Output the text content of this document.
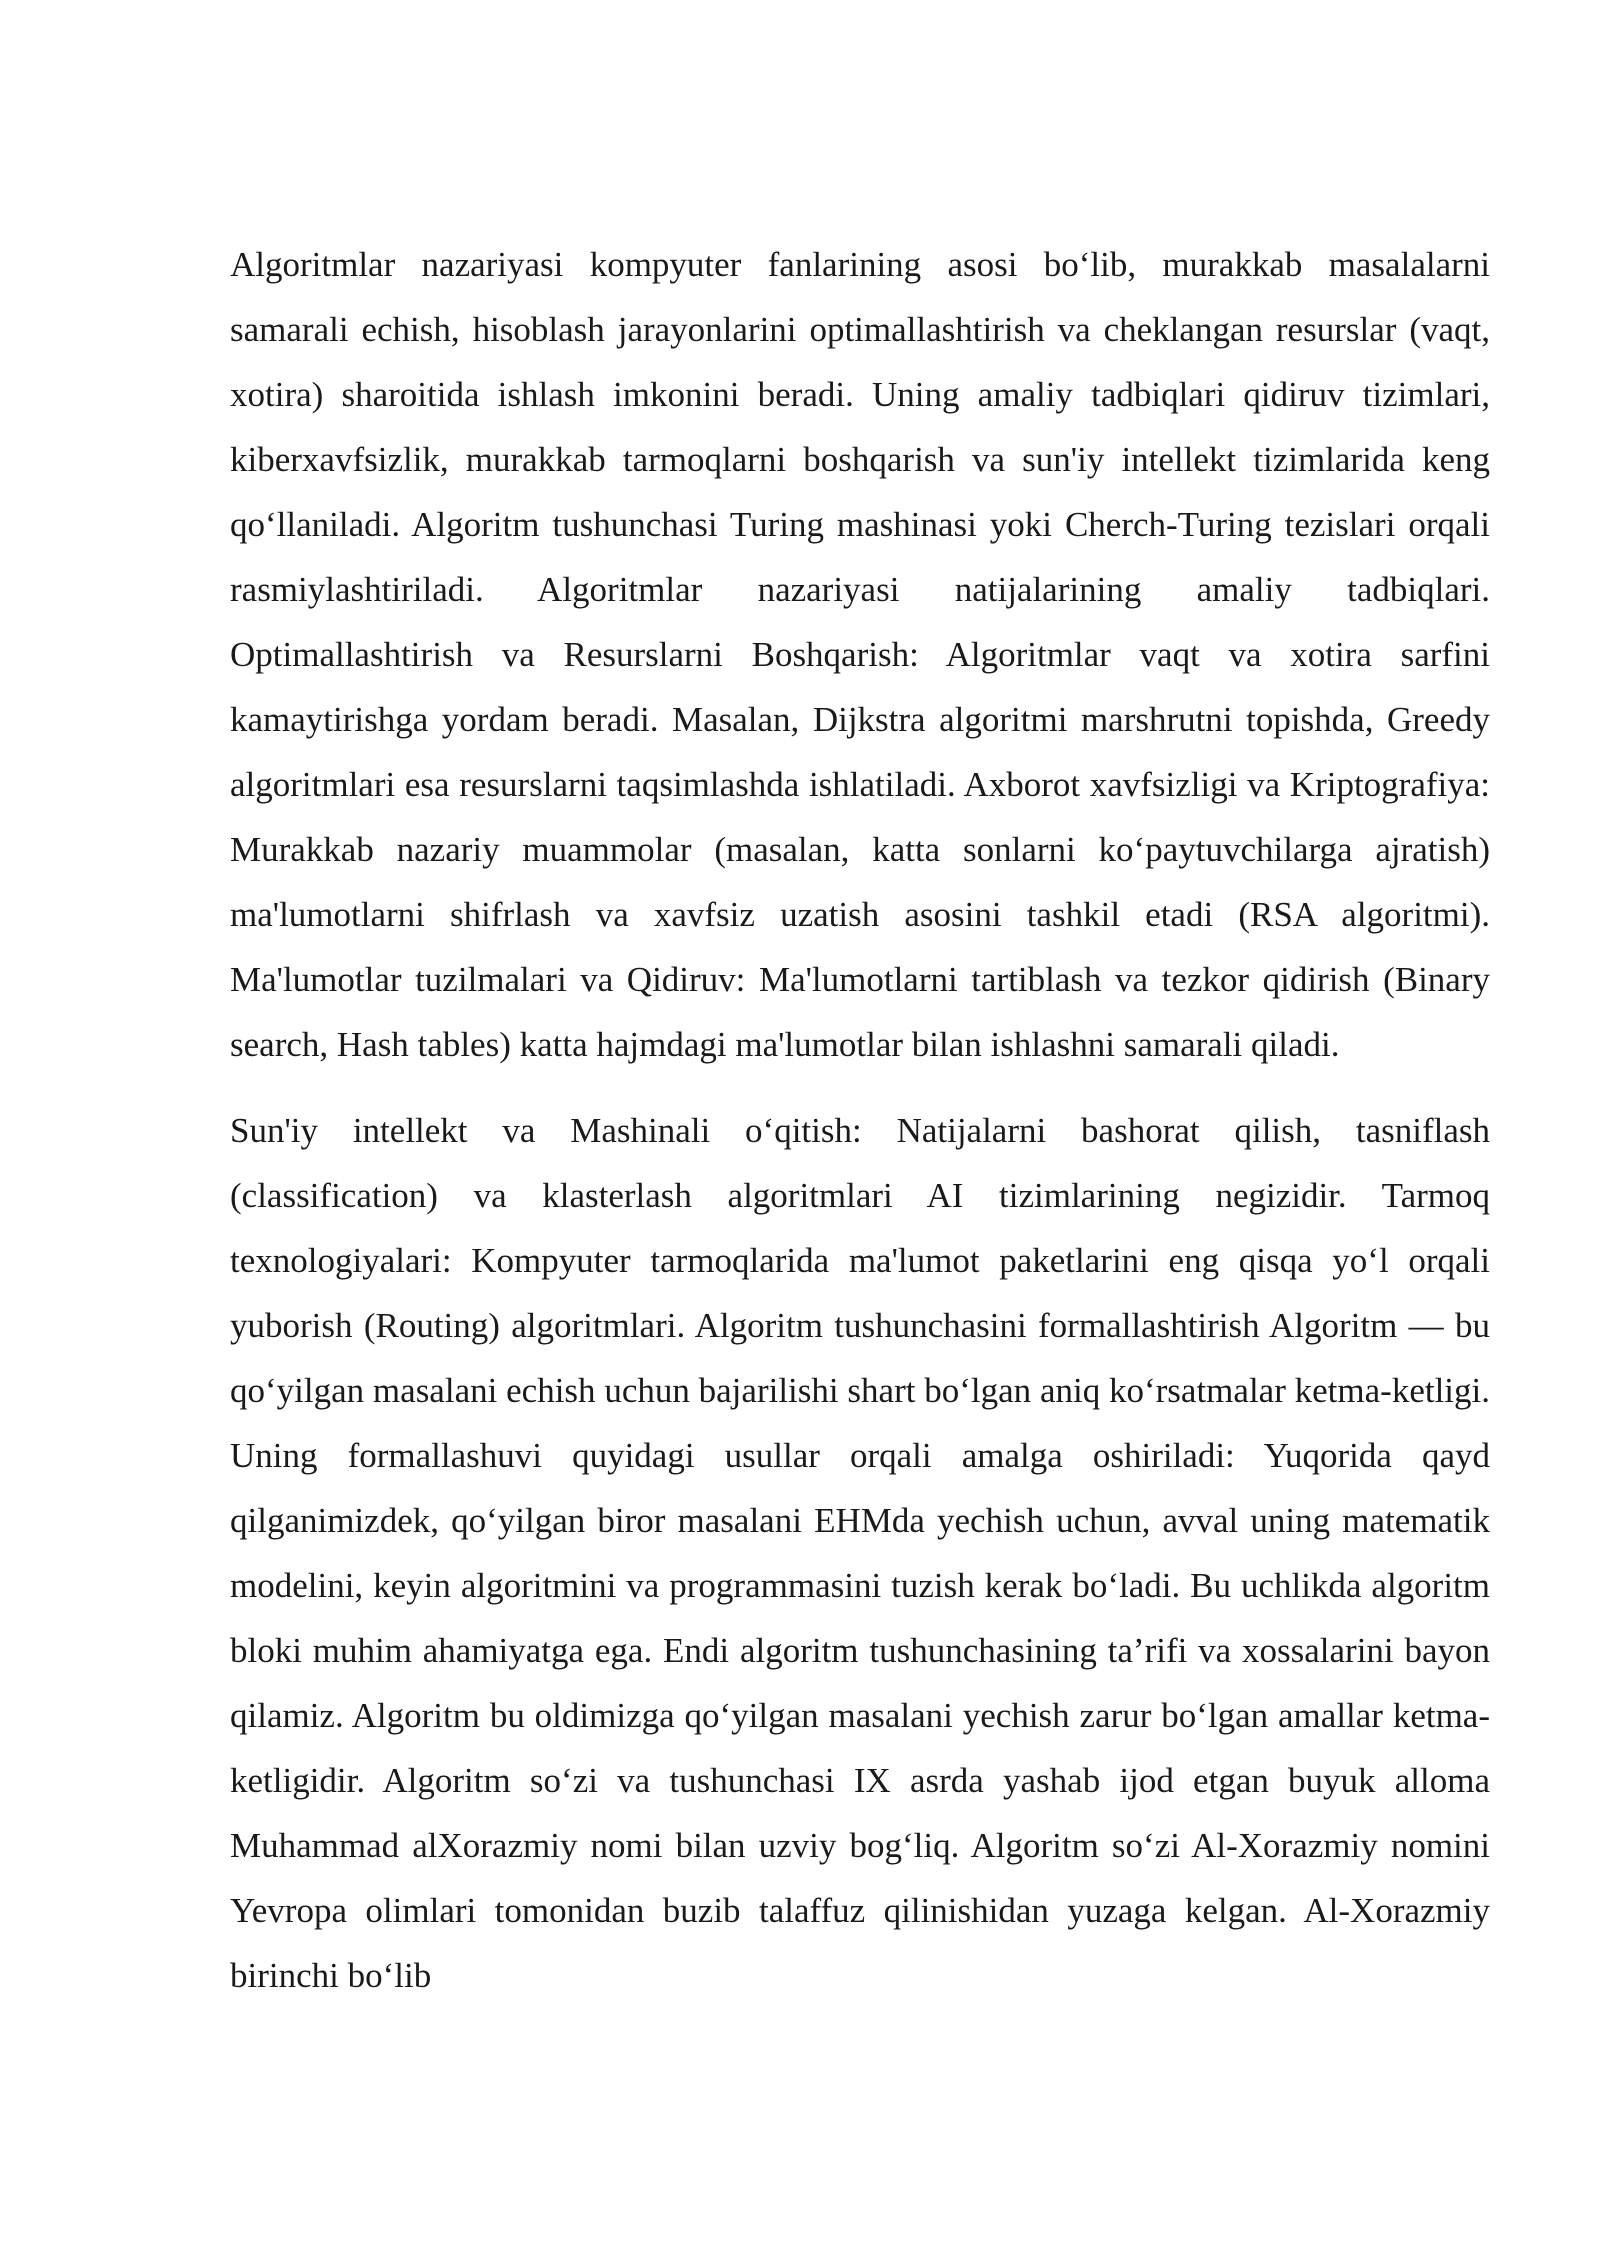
Algoritmlar nazariyasi kompyuter fanlarining asosi bo‘lib, murakkab masalalarni samarali echish, hisoblash jarayonlarini optimallashtirish va cheklangan resurslar (vaqt, xotira) sharoitida ishlash imkonini beradi. Uning amaliy tadbiqlari qidiruv tizimlari, kiberxavfsizlik, murakkab tarmoqlarni boshqarish va sun'iy intellekt tizimlarida keng qo‘llaniladi. Algoritm tushunchasi Turing mashinasi yoki Cherch-Turing tezislari orqali rasmiylashtiriladi. Algoritmlar nazariyasi natijalarining amaliy tadbiqlari. Optimallashtirish va Resurslarni Boshqarish: Algoritmlar vaqt va xotira sarfini kamaytirishga yordam beradi. Masalan, Dijkstra algoritmi marshrutni topishda, Greedy algoritmlari esa resurslarni taqsimlashda ishlatiladi. Axborot xavfsizligi va Kriptografiya: Murakkab nazariy muammolar (masalan, katta sonlarni ko‘paytuvchilarga ajratish) ma'lumotlarni shifrlash va xavfsiz uzatish asosini tashkil etadi (RSA algoritmi). Ma'lumotlar tuzilmalari va Qidiruv: Ma'lumotlarni tartiblash va tezkor qidirish (Binary search, Hash tables) katta hajmdagi ma'lumotlar bilan ishlashni samarali qiladi.

Sun'iy intellekt va Mashinali o‘qitish: Natijalarni bashorat qilish, tasniflash (classification) va klasterlash algoritmlari AI tizimlarining negizidir. Tarmoq texnologiyalari: Kompyuter tarmoqlarida ma'lumot paketlarini eng qisqa yo‘l orqali yuborish (Routing) algoritmlari. Algoritm tushunchasini formallashtirish Algoritm — bu qo‘yilgan masalani echish uchun bajarilishi shart bo‘lgan aniq ko‘rsatmalar ketma-ketligi. Uning formallashuvi quyidagi usullar orqali amalga oshiriladi: Yuqorida qayd qilganimizdek, qo‘yilgan biror masalani EHMda yechish uchun, avval uning matematik modelini, keyin algoritmini va programmasini tuzish kerak bo‘ladi. Bu uchlikda algoritm bloki muhim ahamiyatga ega. Endi algoritm tushunchasining ta’rifi va xossalarini bayon qilamiz. Algoritm bu oldimizga qo‘yilgan masalani yechish zarur bo‘lgan amallar ketma-ketligidir. Algoritm so‘zi va tushunchasi IX asrda yashab ijod etgan buyuk alloma Muhammad alXorazmiy nomi bilan uzviy bog‘liq. Algoritm so‘zi Al-Xorazmiy nomini Yevropa olimlari tomonidan buzib talaffuz qilinishidan yuzaga kelgan. Al-Xorazmiy birinchi bo‘lib
